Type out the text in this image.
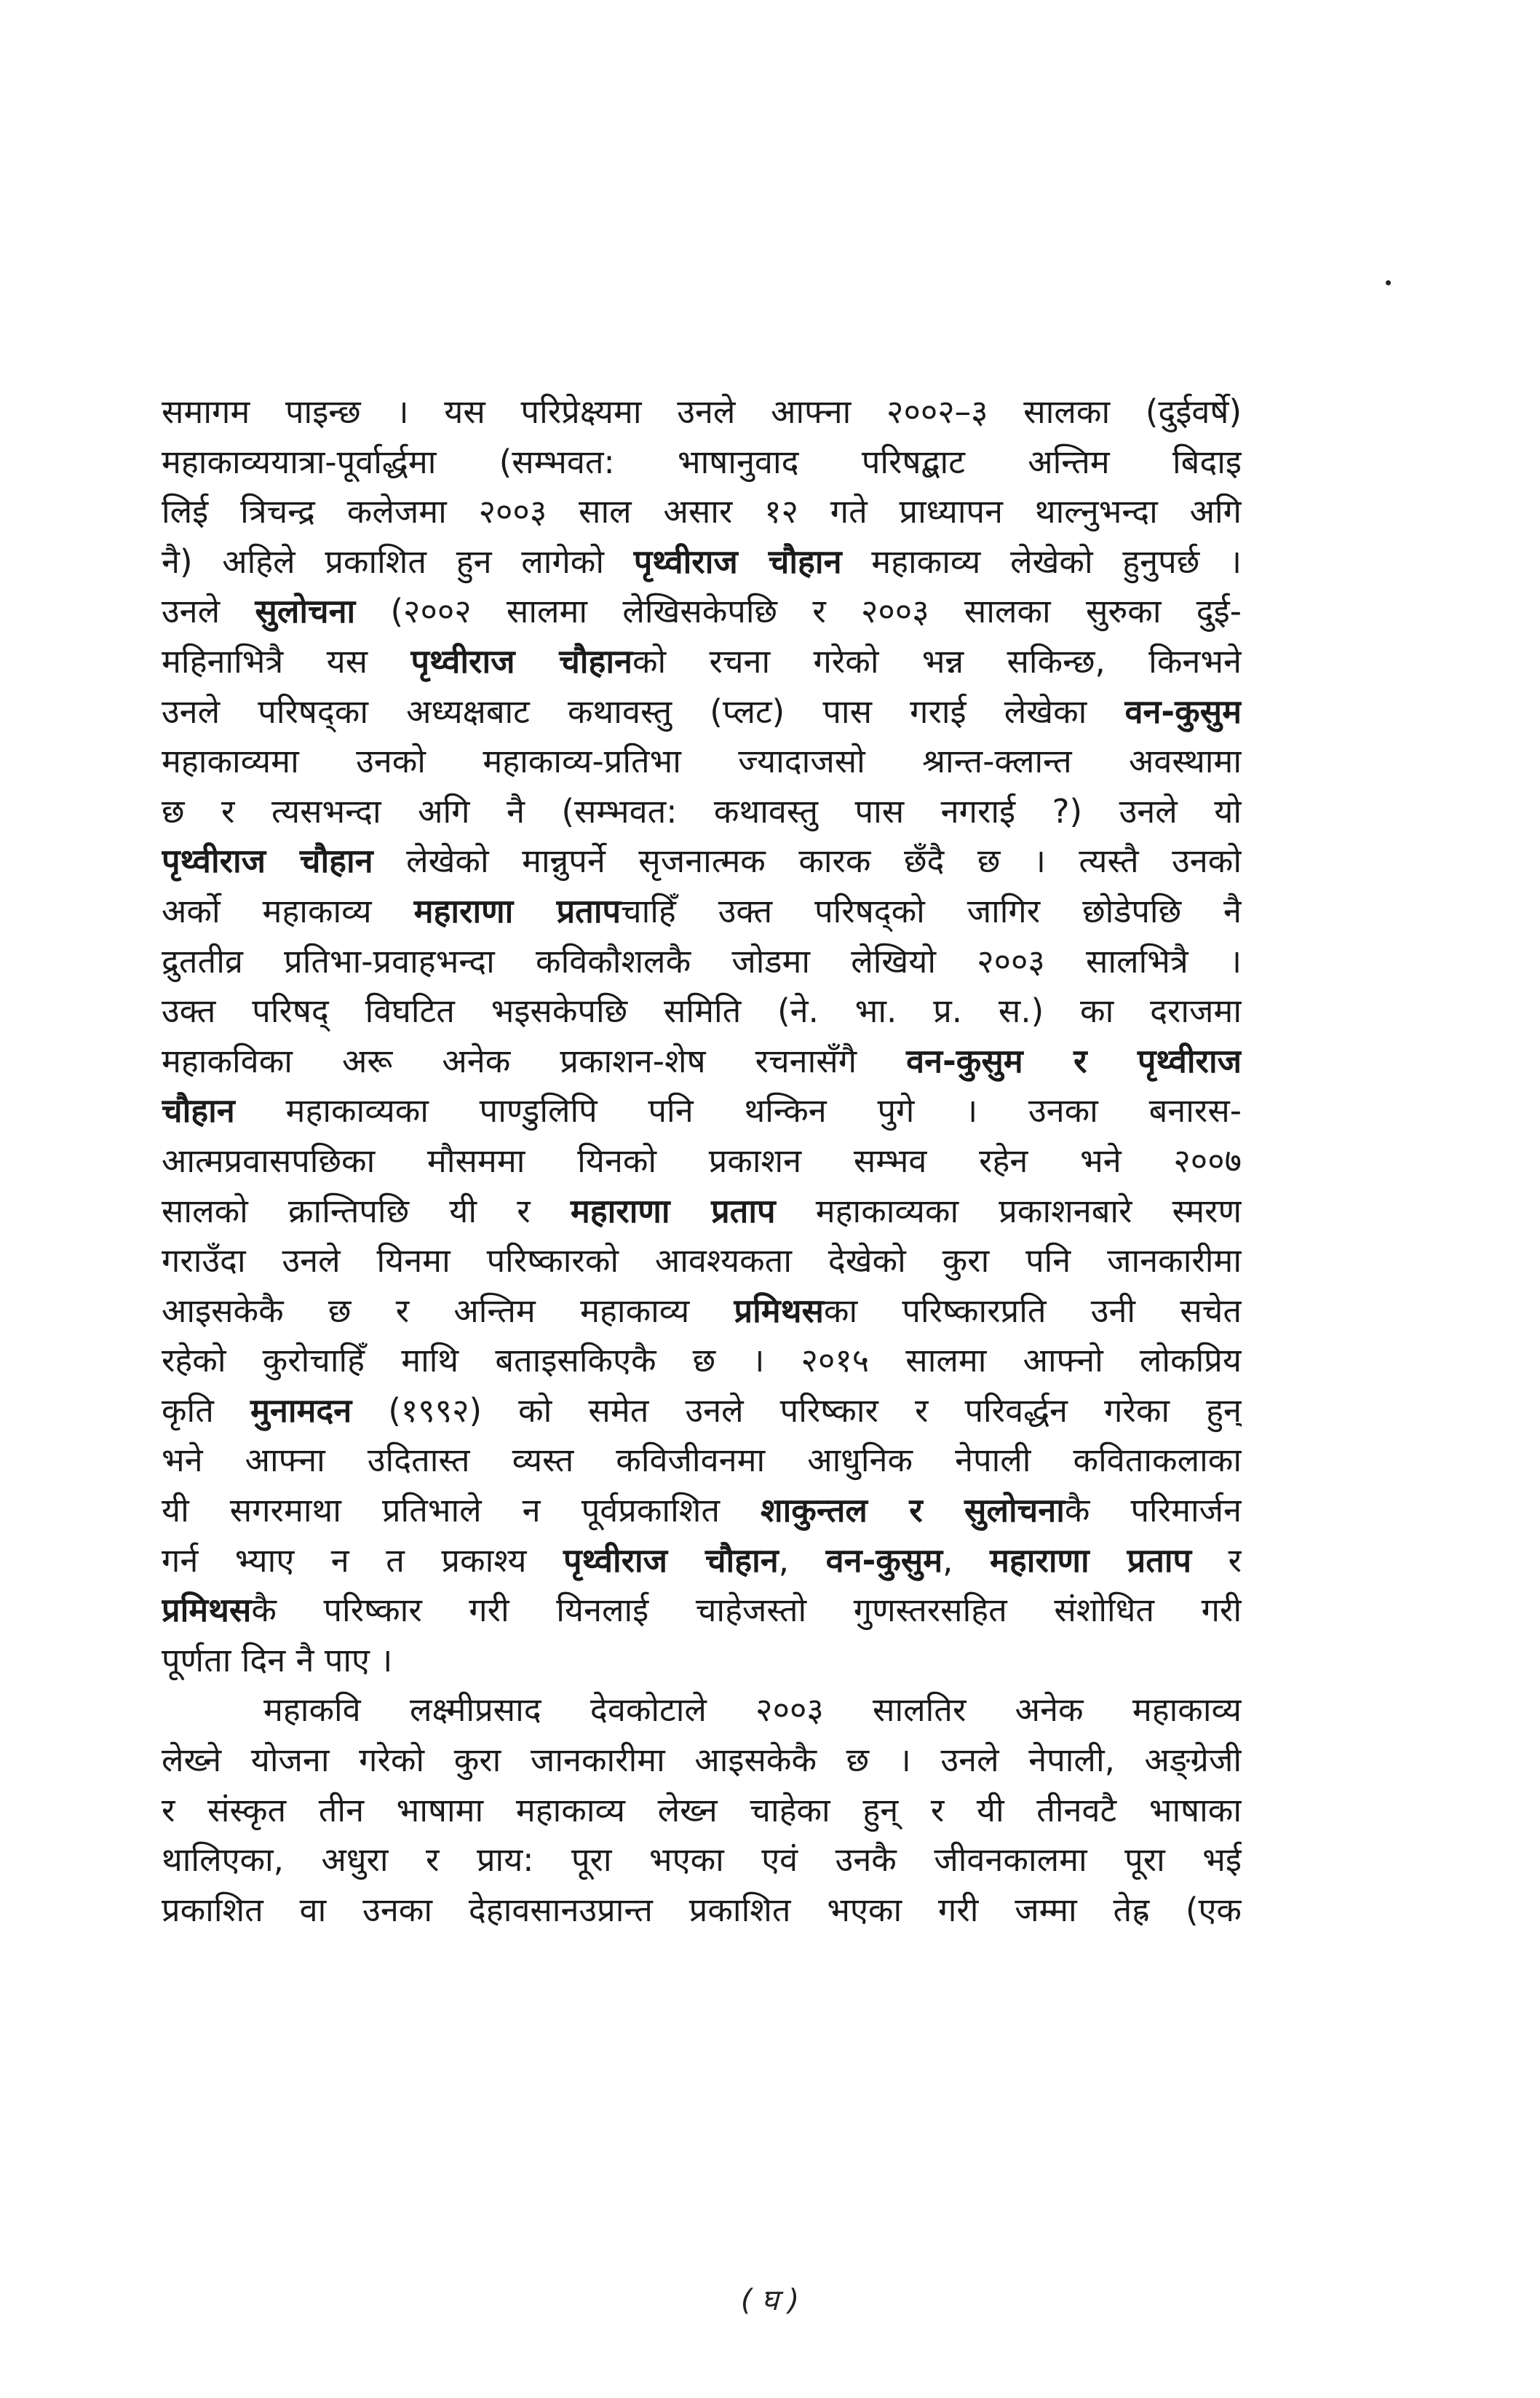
समागम पाइन्छ । यस परिप्रेक्ष्यमा उनले आफ्ना २००२–३ सालका (दुईवर्षे)
महाकाव्ययात्रा-पूर्वार्द्धमा (सम्भवत: भाषानुवाद परिषद्बाट अन्तिम बिदाइ
लिई त्रिचन्द्र कलेजमा २००३ साल असार १२ गते प्राध्यापन थाल्नुभन्दा अगि
नै) अहिले प्रकाशित हुन लागेको पृथ्वीराज चौहान महाकाव्य लेखेको हुनुपर्छ ।
उनले सुलोचना (२००२ सालमा लेखिसकेपछि र २००३ सालका सुरुका दुई-
महिनाभित्रै यस पृथ्वीराज चौहानको रचना गरेको भन्न सकिन्छ, किनभने
उनले परिषद्का अध्यक्षबाट कथावस्तु (प्लट) पास गराई लेखेका वन-कुसुम
महाकाव्यमा उनको महाकाव्य-प्रतिभा ज्यादाजसो श्रान्त-क्लान्त अवस्थामा
छ र त्यसभन्दा अगि नै (सम्भवत: कथावस्तु पास नगराई ?) उनले यो
पृथ्वीराज चौहान लेखेको मान्नुपर्ने सृजनात्मक कारक छँदै छ । त्यस्तै उनको
अर्को महाकाव्य महाराणा प्रतापचाहिँ उक्त परिषद्को जागिर छोडेपछि नै
द्रुततीव्र प्रतिभा-प्रवाहभन्दा कविकौशलकै जोडमा लेखियो २००३ सालभित्रै ।
उक्त परिषद् विघटित भइसकेपछि समिति (ने. भा. प्र. स.) का दराजमा
महाकविका अरू अनेक प्रकाशन-शेष रचनासँगै वन-कुसुम र पृथ्वीराज
चौहान महाकाव्यका पाण्डुलिपि पनि थन्किन पुगे । उनका बनारस-
आत्मप्रवासपछिका मौसममा यिनको प्रकाशन सम्भव रहेन भने २००७
सालको क्रान्तिपछि यी र महाराणा प्रताप महाकाव्यका प्रकाशनबारे स्मरण
गराउँदा उनले यिनमा परिष्कारको आवश्यकता देखेको कुरा पनि जानकारीमा
आइसकेकै छ र अन्तिम महाकाव्य प्रमिथसका परिष्कारप्रति उनी सचेत
रहेको कुरोचाहिँ माथि बताइसकिएकै छ । २०१५ सालमा आफ्नो लोकप्रिय
कृति मुनामदन (१९९२) को समेत उनले परिष्कार र परिवर्द्धन गरेका हुन्
भने आफ्ना उदितास्त व्यस्त कविजीवनमा आधुनिक नेपाली कविताकलाका
यी सगरमाथा प्रतिभाले न पूर्वप्रकाशित शाकुन्तल र सुलोचनाकै परिमार्जन
गर्न भ्याए न त प्रकाश्य पृथ्वीराज चौहान, वन-कुसुम, महाराणा प्रताप र
प्रमिथसकै परिष्कार गरी यिनलाई चाहेजस्तो गुणस्तरसहित संशोधित गरी
पूर्णता दिन नै पाए ।
महाकवि लक्ष्मीप्रसाद देवकोटाले २००३ सालतिर अनेक महाकाव्य
लेख्ने योजना गरेको कुरा जानकारीमा आइसकेकै छ । उनले नेपाली, अङ्ग्रेजी
र संस्कृत तीन भाषामा महाकाव्य लेख्न चाहेका हुन् र यी तीनवटै भाषाका
थालिएका, अधुरा र प्राय: पूरा भएका एवं उनकै जीवनकालमा पूरा भई
प्रकाशित वा उनका देहावसानउप्रान्त प्रकाशित भएका गरी जम्मा तेह्र (एक
( घ )
